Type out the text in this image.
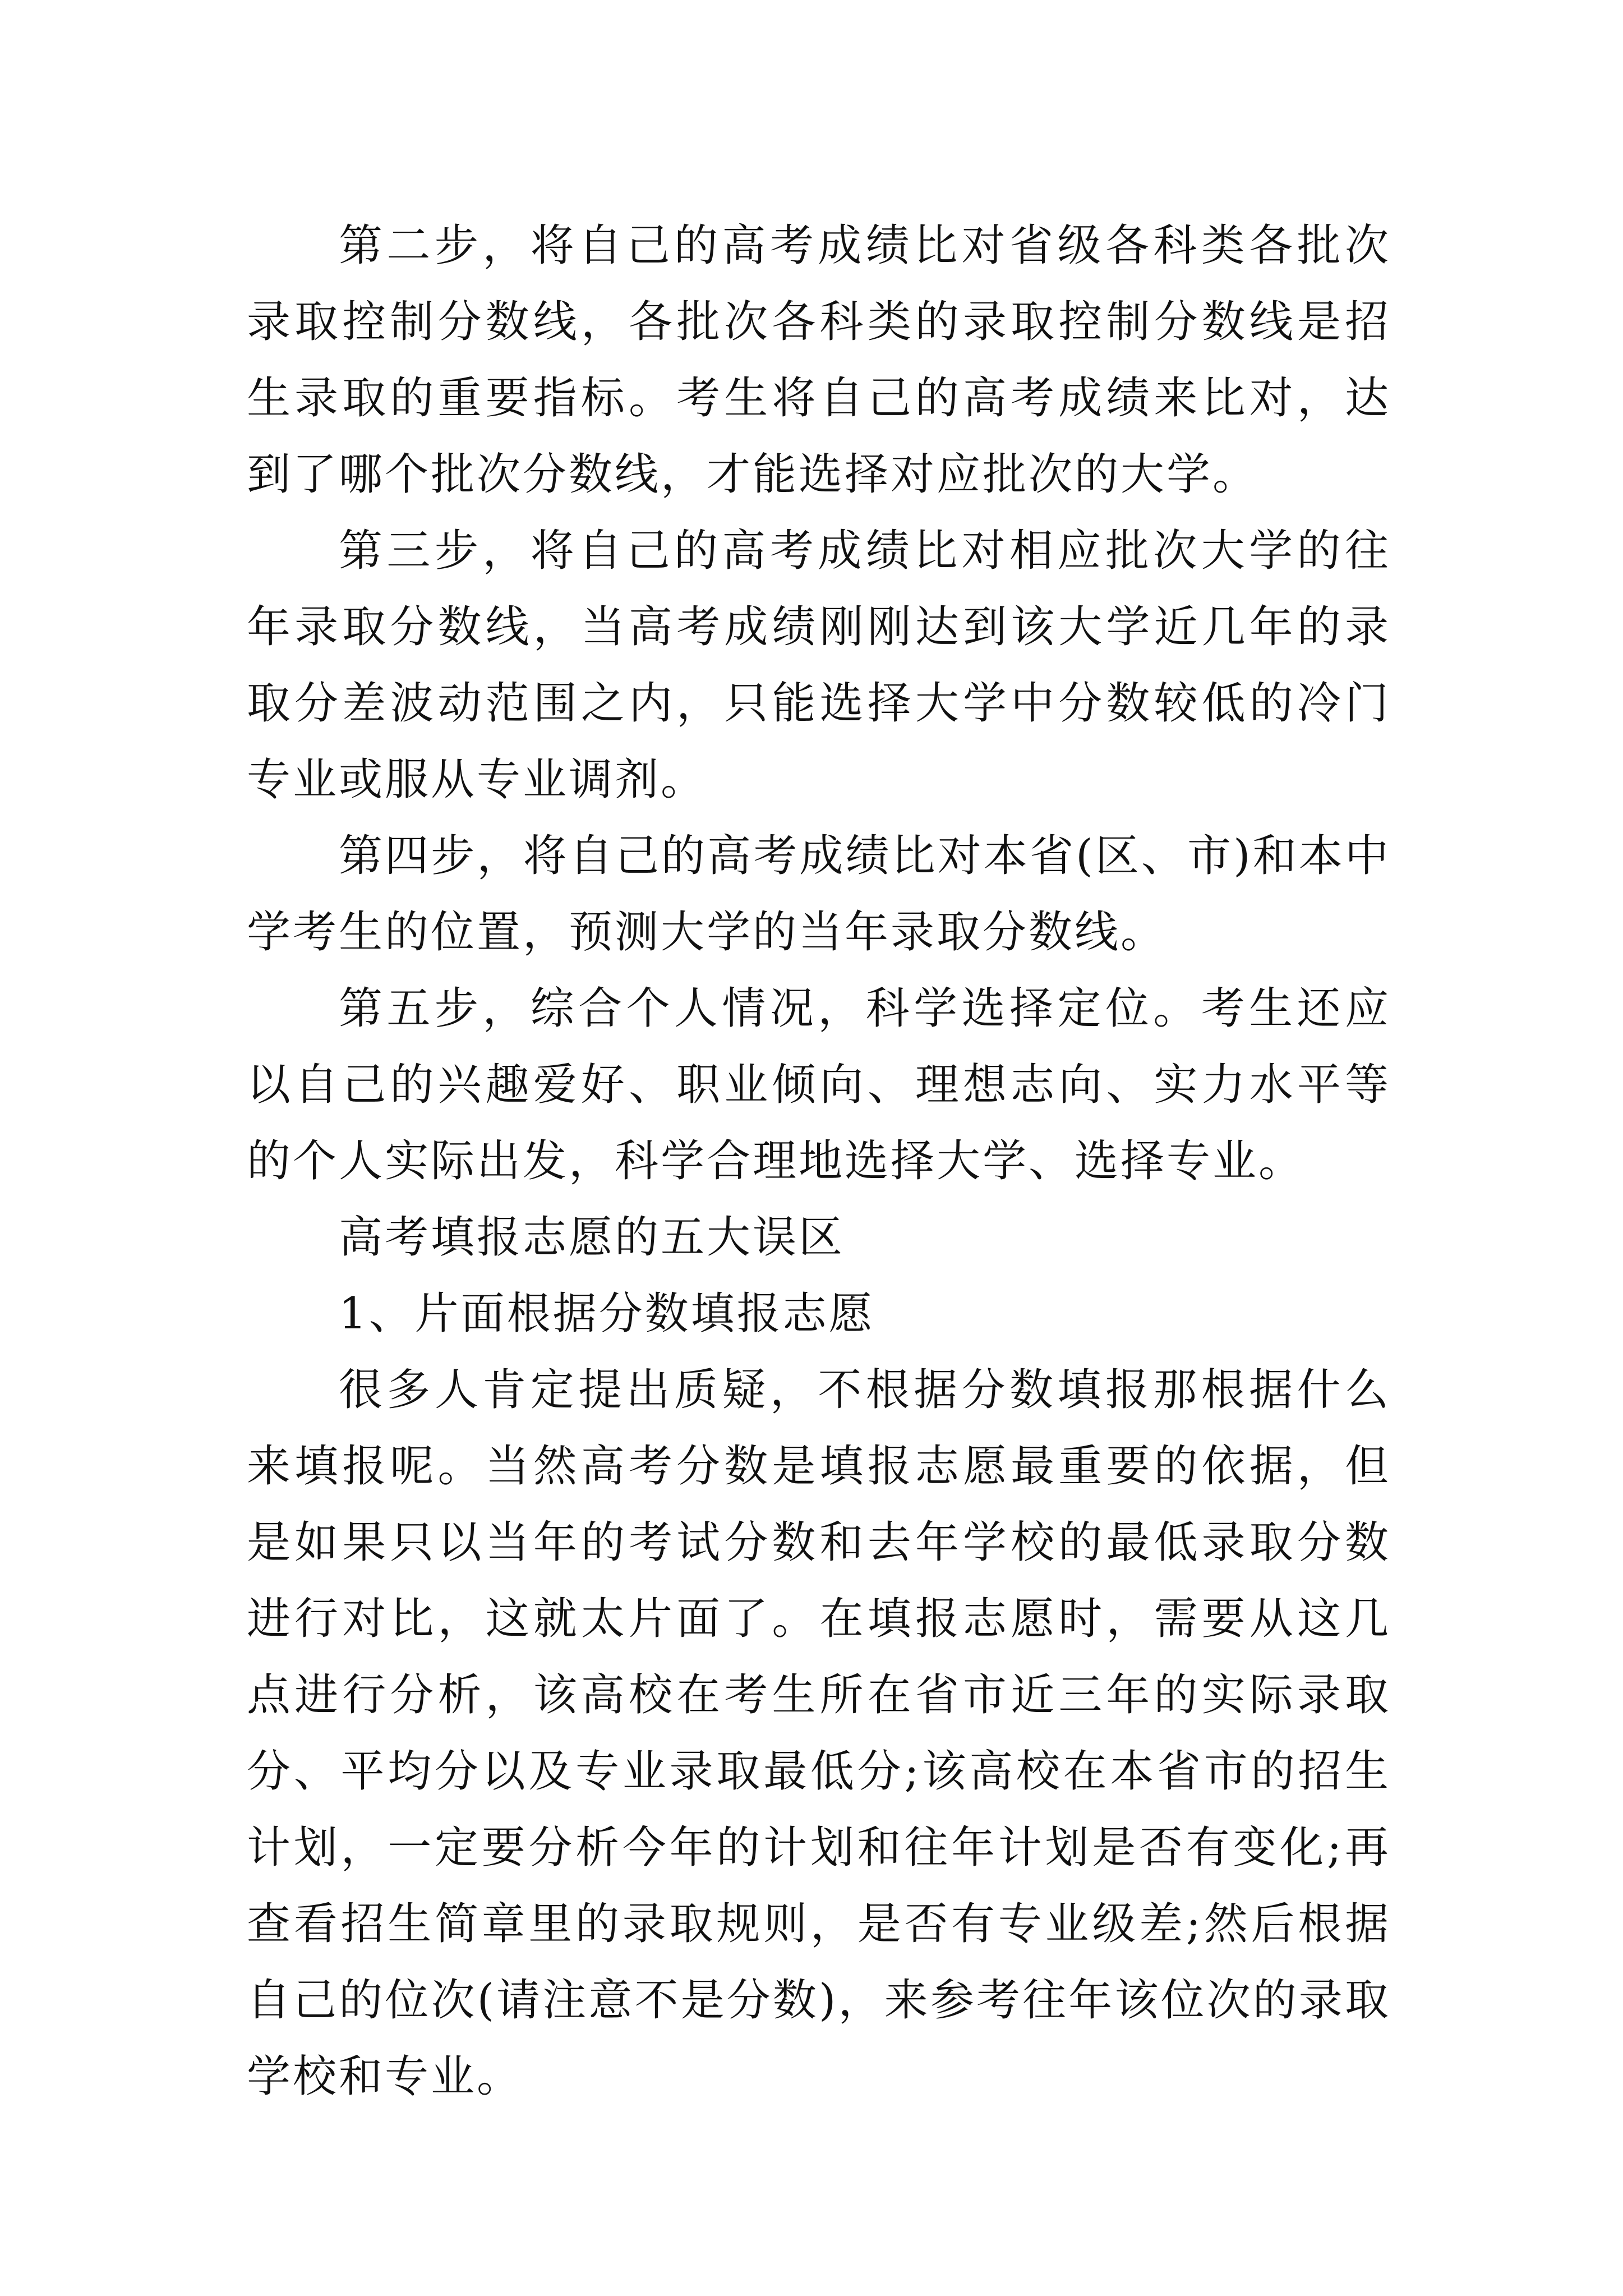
第二步，将自己的高考成绩比对省级各科类各批次录取控制分数线，各批次各科类的录取控制分数线是招生录取的重要指标。考生将自己的高考成绩来比对，达到了哪个批次分数线，才能选择对应批次的大学。

第三步，将自己的高考成绩比对相应批次大学的往年录取分数线，当高考成绩刚刚达到该大学近几年的录取分差波动范围之内，只能选择大学中分数较低的冷门专业或服从专业调剂。

第四步，将自己的高考成绩比对本省(区、市)和本中学考生的位置，预测大学的当年录取分数线。

第五步，综合个人情况，科学选择定位。考生还应以自己的兴趣爱好、职业倾向、理想志向、实力水平等的个人实际出发，科学合理地选择大学、选择专业。

高考填报志愿的五大误区

1、片面根据分数填报志愿

很多人肯定提出质疑，不根据分数填报那根据什么来填报呢。当然高考分数是填报志愿最重要的依据，但是如果只以当年的考试分数和去年学校的最低录取分数进行对比，这就太片面了。在填报志愿时，需要从这几点进行分析，该高校在考生所在省市近三年的实际录取分、平均分以及专业录取最低分;该高校在本省市的招生计划，一定要分析今年的计划和往年计划是否有变化;再查看招生简章里的录取规则，是否有专业级差;然后根据自己的位次(请注意不是分数)，来参考往年该位次的录取学校和专业。
